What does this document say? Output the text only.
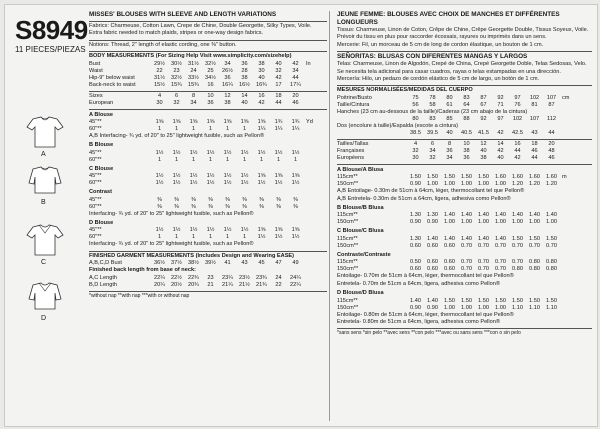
S8949
11 PIECES/PIEZAS
A
B
C
D
MISSES' BLOUSES WITH SLEEVE AND LENGTH VARIATIONS

Fabrics: Charmeuse, Cotton Lawn, Crepe de Chine, Double Georgette, Silky Types, Voile.

Extra fabric needed to match plaids, stripes or one-way design fabrics.

Notions: Thread, 2" length of elastic cording, one ⅜" button.

BODY MEASUREMENTS (For Sizing Help Visit www.simplicity.com/sizehelp)
Bust	29½	30½	31½	32½	34	36	38	40	42	In
Waist	22	23	24	25	26½	28	30	32	34	
Hip-9" below waist	31½	32½	33½	34½	36	38	40	42	44	
Back-neck to waist	15½	15¾	15¾	16	16¼	16½	16¾	17	17¼	
Sizes	4	6	8	10	12	14	16	18	20
European	30	32	34	36	38	40	42	44	46
A Blouse
45"**	1⅝	1⅝	1⅝	1⅝	1⅝	1⅝	1⅝	1¾	1¾	Yd
60"**	1	1	1	1	1	1	1¼	1¼	1¼	
A,B Interfacing- ¾ yd. of 20" to 25" lightweight fusible, such as Pellon®
B Blouse
45"**	1½	1½	1½	1½	1½	1½	1½	1½	1½	
60"**	1	1	1	1	1	1	1	1	1	
C Blouse
45"**	1½	1½	1½	1½	1½	1½	1⅝	1⅝	1⅝	
60"**	1½	1½	1½	1½	1½	1½	1½	1½	1½	
Contrast
45"**	⅜	⅜	⅜	⅜	⅜	⅜	⅜	⅜	⅜	
60"**	⅜	⅜	⅜	⅜	⅜	⅜	⅜	⅜	⅜	
Interfacing- ¾ yd. of 20" to 25" lightweight fusible, such as Pellon®
D Blouse
45"**	1½	1½	1½	1½	1½	1½	1⅝	1⅝	1⅝	
60"**	1	1	1	1	1	1	1½	1½	1½	
Interfacing- ¾ yd. of 20" to 25" lightweight fusible, such as Pellon®
FINISHED GARMENT MEASUREMENTS (Includes Design and Wearing EASE)
A,B,C,D Bust	36½	37½	38½	39½	41	43	45	47	49	
Finished back length from base of neck:
A,C Length	22¼	22½	22¾	23	23¼	23½	23¾	24	24¼	
B,D Length	20¼	20½	20¾	21	21¼	21½	21¾	22	22¼	
*without nap **with nap ***with or without nap
JEUNE FEMME: BLOUSES AVEC CHOIX DE MANCHES ET DIFFÉRENTES LONGUEURS

Tissus: Charmeuse, Linon de Coton, Crêpe de Chine, Crêpe Georgette Double, Tissus Soyeux, Voile. Prévoir du tissu en plus pour raccorder écossais, rayures ou imprimés dans un sens.

Mercerie: Fil, un morceau de 5 cm de long de cordon élastique, un bouton de 1 cm.

SEÑORITAS: BLUSAS CON DIFERENTES MANGAS Y LARGOS

Telas: Charmeuse, Linon de Algodón, Crepé de China, Crepé Georgette Doble, Telas Sedosas, Velo. Se necesita tela adicional para casar cuadros, rayas o telas estampadas en una dirección.

Mercería: Hilo, un pedazo de cordón elástico de 5 cm de largo, un botón de 1 cm.

MESURES NORMALISÉES/MEDIDAS DEL CUERPO
Poitrine/Busto	75	78	80	83	87	92	97	102	107	cm
Taille/Cintura	56	58	61	64	67	71	76	81	87	
Hanches (23 cm au-dessous de la taille)/Caderas (23 cm abajo de la cintura)										
	80	83	85	88	92	97	102	107	112	
Dos (encolure à taille)/Espalda (escote a cintura)										
	38.5	39.5	40	40.5	41.5	42	42.5	43	44	
Tailles/Tallas	4	6	8	10	12	14	16	18	20
Françaises	32	34	36	38	40	42	44	46	48
Européens	30	32	34	36	38	40	42	44	46
A Blouse/A Blusa
115cm**	1.50	1.50	1.50	1.50	1.50	1.60	1.60	1.60	1.60	m
150cm**	0.90	1.00	1.00	1.00	1.00	1.00	1.20	1.20	1.20	
A,B Entoilage- 0.30m de 51cm à 64cm, léger, thermocollant tel que Pellon®
A,B Entretela- 0.30m de 51cm a 64cm, ligera, adhesiva como Pellon®
B Blouse/B Blusa
115cm**	1.30	1.30	1.40	1.40	1.40	1.40	1.40	1.40	1.40	
150cm**	0.90	0.90	1.00	1.00	1.00	1.00	1.00	1.00	1.00	
C Blouse/C Blusa
115cm**	1.30	1.40	1.40	1.40	1.40	1.40	1.50	1.50	1.50	
150cm**	0.60	0.60	0.60	0.70	0.70	0.70	0.70	0.70	0.70	
Contraste/Contraste
115cm**	0.50	0.60	0.60	0.70	0.70	0.70	0.70	0.80	0.80	
150cm**	0.60	0.60	0.60	0.70	0.70	0.70	0.80	0.80	0.80	
Entoilage- 0.70m de 51cm à 64cm, léger, thermocollant tel que Pellon®
Entretela- 0.70m de 51cm a 64cm, ligera, adhesiva como Pellon®
D Blouse/D Blusa
115cm**	1.40	1.40	1.50	1.50	1.50	1.50	1.50	1.50	1.50	
150cm**	0.90	0.90	1.00	1.00	1.00	1.00	1.10	1.10	1.10	
Entoilage- 0.80m de 51cm à 64cm, léger, thermocollant tel que Pellon®
Entretela- 0.80m de 51cm a 64cm, ligera, adhesiva como Pellon®
*sans sens *sin pelo **avec sens **con pelo ***avec ou sans sens ***con o sin pelo
